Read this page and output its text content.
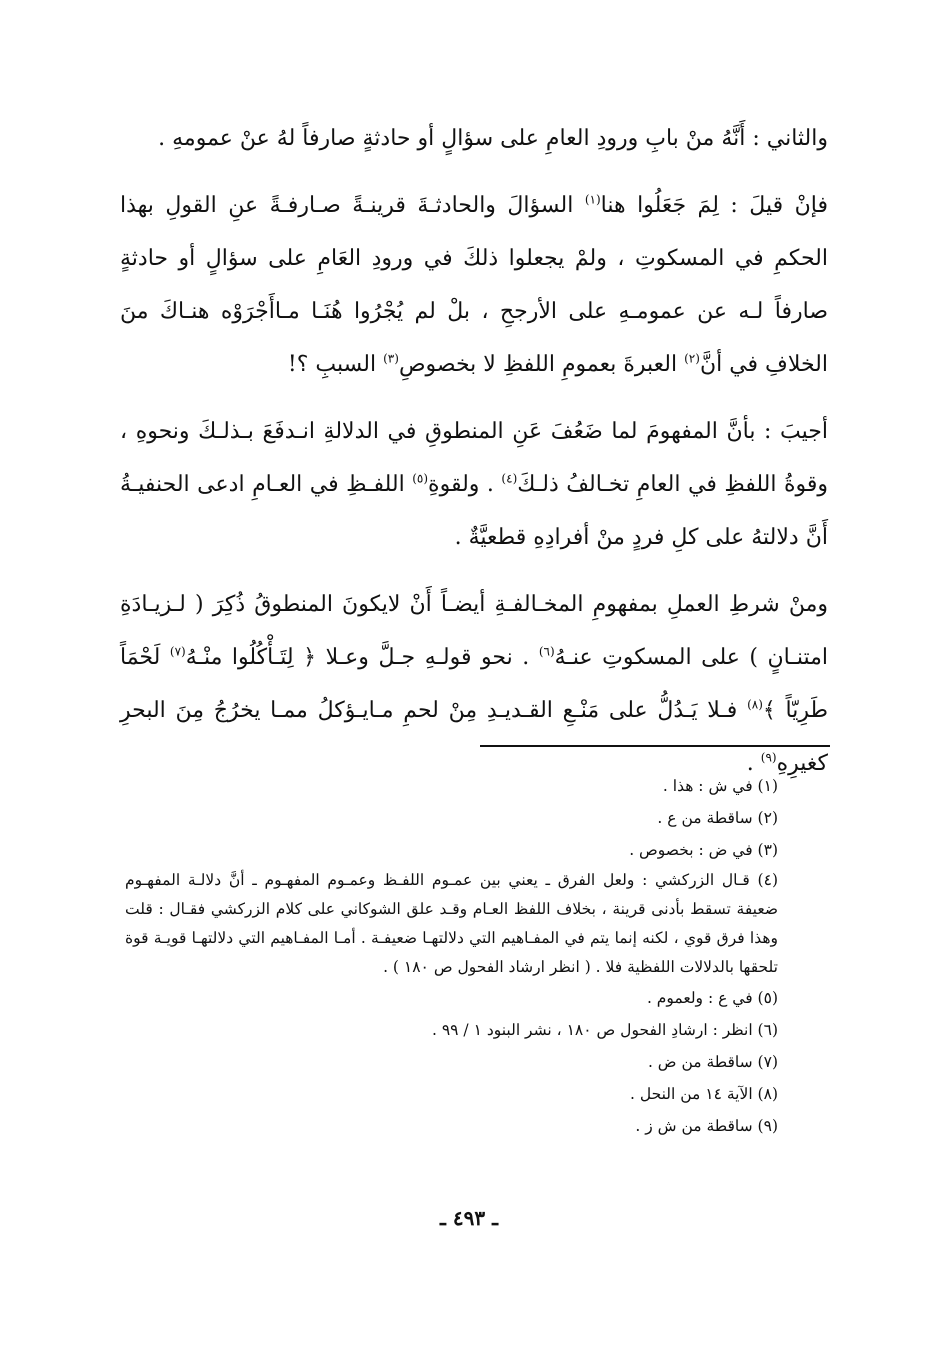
والثاني : أَنَّهُ منْ بابِ ورودِ العامِ على سؤالٍ أو حادثةٍ صارفاً لهُ عنْ عمومهِ .

فإنْ قيلَ : لِمَ جَعَلُوا هنا$^{(١)}$ السؤالَ والحادثـةَ قرينـةً صـارفـةً عنِ القولِ بهذا الحكمِ في المسكوتِ ، ولمْ يجعلوا ذلكَ في ورودِ العَامِ على سؤالٍ أو حادثةٍ صارفاً لـه عن عمومـهِ على الأرجحِ ، بلْ لم يُجْرُوا هُنَـا مـاأَجْرَوْه هنـاكَ منَ الخلافِ في أنَّ$^{(٢)}$ العبرةَ بعمومِ اللفظِ لا بخصوصِ$^{(٣)}$ السببِ ؟!

أجيبَ : بأنَّ المفهومَ لما ضَعُفَ عَنِ المنطوقِ في الدلالةِ انـدفَعَ بـذلـكَ ونحوهِ ، وقوةُ اللفظِ في العامِ تخـالفُ ذلـكَ$^{(٤)}$ . ولقوةِ$^{(٥)}$ اللفـظِ في العـامِ ادعى الحنفيـةُ أَنَّ دلالتهُ على كلِ فردٍ منْ أفرادِهِ قطعيَّةٌ .

ومنْ شرطِ العملِ بمفهومِ المخـالفـةِ أيضـاً أَنْ لايكونَ المنطوقُ ذُكِرَ ( لـزيـادَةِ امتنـانٍ ) على المسكوتِ عنـهُ$^{(٦)}$ . نحو قولـهِ جـلَّ وعـلا ﴿ لِتَـأْكُلُوا منْـهُ$^{(٧)}$ لَحْمَاً طَرِيّاً ﴾$^{(٨)}$ فـلا يَـدُلُّ على مَنْـعِ القـديـدِ مِنْ لحمِ مـايـؤكلُ ممـا يخرُجُ مِنَ البحرِ كغيرِهِ$^{(٩)}$ .

(١) في ش : هذا .

(٢) ساقطة من ع .

(٣) في ض : بخصوص .

(٤) قـال الزركشي : ولعل الفرق ـ يعني بين عمـوم اللفـظ وعمـوم المفهـوم ـ أنَّ دلالـة المفهـوم ضعيفة تسقط بأدنى قرينة ، بخلاف اللفظ العـام وقـد علق الشوكاني على كلام الزركشي فقـال : قلت وهذا فرق قوي ، لكنه إنما يتم في المفـاهيم التي دلالتهـا ضعيفـة . أمـا المفـاهيم التي دلالتهـا قويـة قوة تلحقها بالدلالات اللفظية فلا . ( انظر ارشاد الفحول ص ١٨٠ ) .

(٥) في ع : ولعموم .

(٦) انظر : ارشادِ الفحول ص ١٨٠ ، نشر البنود ١ / ٩٩ .

(٧) ساقطة من ض .

(٨) الآية ١٤ من النحل .

(٩) ساقطة من ش ز .

ـ ٤٩٣ ـ
